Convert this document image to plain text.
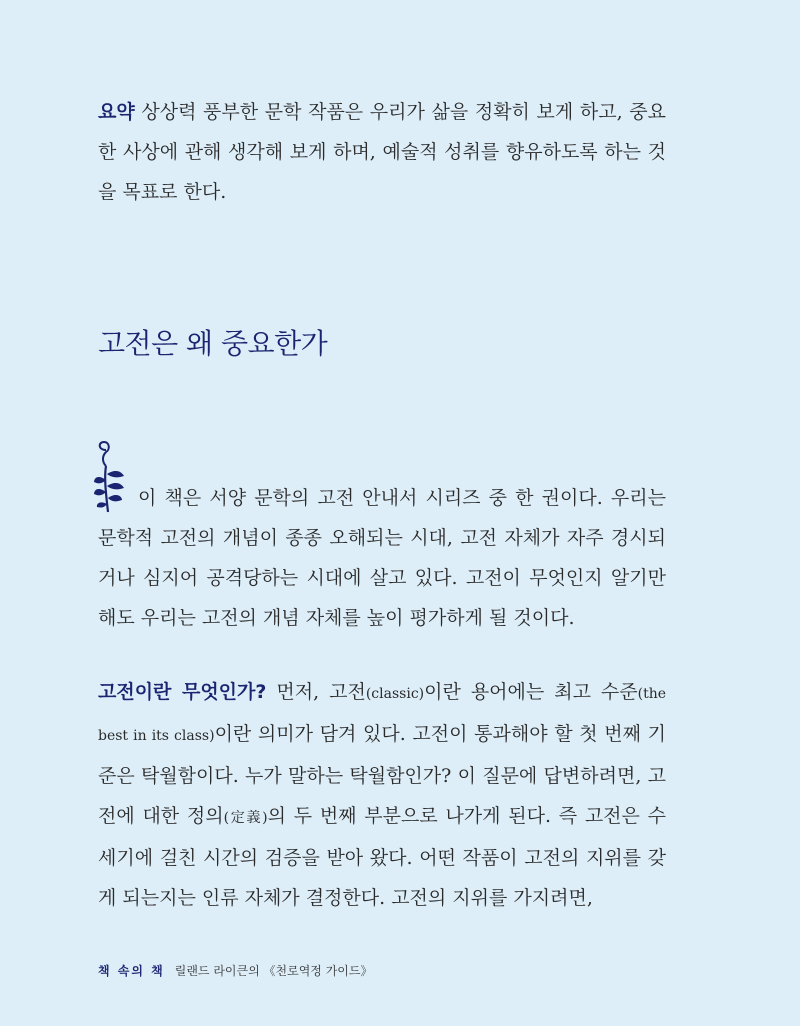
요약 상상력 풍부한 문학 작품은 우리가 삶을 정확히 보게 하고, 중요한 사상에 관해 생각해 보게 하며, 예술적 성취를 향유하도록 하는 것을 목표로 한다.

고전은 왜 중요한가

이 책은 서양 문학의 고전 안내서 시리즈 중 한 권이다. 우리는 문학적 고전의 개념이 종종 오해되는 시대, 고전 자체가 자주 경시되거나 심지어 공격당하는 시대에 살고 있다. 고전이 무엇인지 알기만 해도 우리는 고전의 개념 자체를 높이 평가하게 될 것이다.

고전이란 무엇인가? 먼저, 고전(classic)이란 용어에는 최고 수준(the best in its class)이란 의미가 담겨 있다. 고전이 통과해야 할 첫 번째 기준은 탁월함이다. 누가 말하는 탁월함인가? 이 질문에 답변하려면, 고전에 대한 정의(定義)의 두 번째 부분으로 나가게 된다. 즉 고전은 수 세기에 걸친 시간의 검증을 받아 왔다. 어떤 작품이 고전의 지위를 갖게 되는지는 인류 자체가 결정한다. 고전의 지위를 가지려면,

책 속의 책 릴랜드 라이큰의 《천로역정 가이드》
